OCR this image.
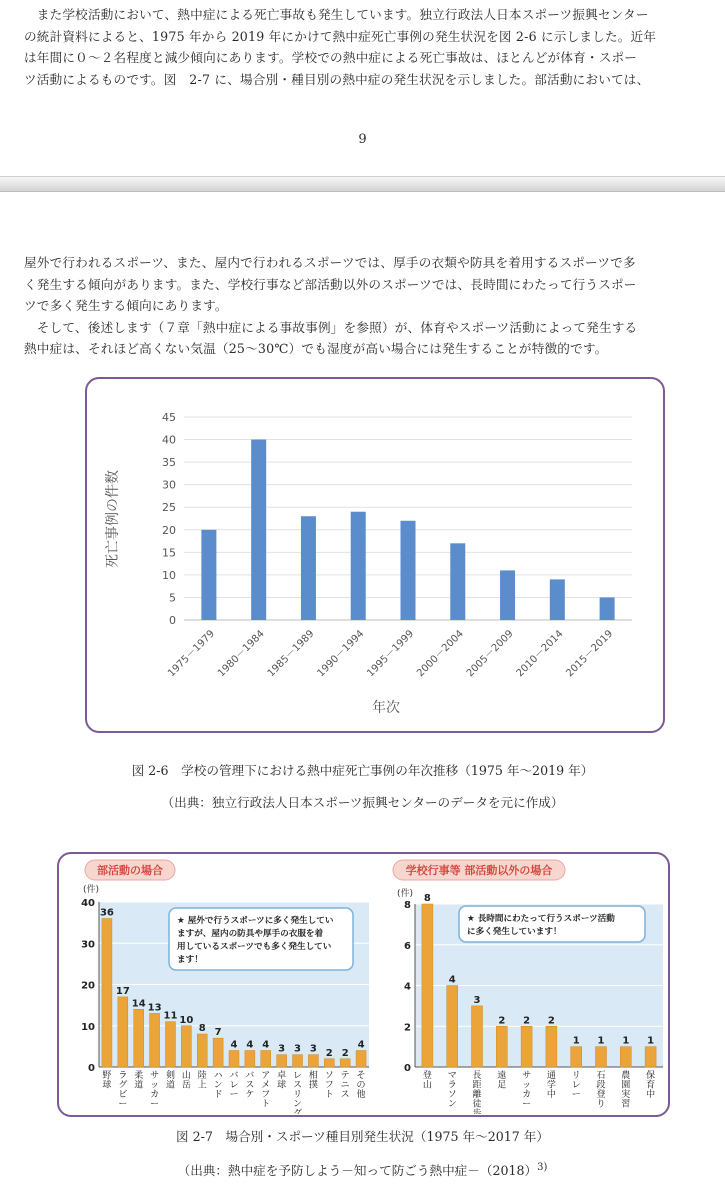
　また学校活動において、熱中症による死亡事故も発生しています。独立行政法人日本スポーツ振興センター

の統計資料によると、1975 年から 2019 年にかけて熱中症死亡事例の発生状況を図 2-6 に示しました。近年

は年間に０～２名程度と減少傾向にあります。学校での熱中症による死亡事故は、ほとんどが体育・スポー

ツ活動によるものです。図　2-7 に、場合別・種目別の熱中症の発生状況を示しました。部活動においては、

9

屋外で行われるスポーツ、また、屋内で行われるスポーツでは、厚手の衣類や防具を着用するスポーツで多

く発生する傾向があります。また、学校行事など部活動以外のスポーツでは、長時間にわたって行うスポー

ツで多く発生する傾向にあります。

　そして、後述します（７章「熱中症による事故事例」を参照）が、体育やスポーツ活動によって発生する

熱中症は、それほど高くない気温（25～30℃）でも湿度が高い場合には発生することが特徴的です。

0
5
10
15
20
25
30
35
40
45
1975－1979
1980－1984
1985－1989
1990－1994
1995－1999
2000－2004
2005－2009
2010－2014
2015－2019
死亡事例の件数
年次
図 2-6　学校の管理下における熱中症死亡事例の年次推移（1975 年～2019 年）
（出典：独立行政法人日本スポーツ振興センターのデータを元に作成）
(件)	(件)
部活動の場合	学校行事等 部活動以外の場合
0
10
20
30
40
36
野
球
17
ラ
グ
ビ
ー
14
柔
道
13
サ
ッ
カ
ー
11
剣
道
10
山
岳
8
陸
上
7
ハ
ン
ド
4
バ
レ
ー
4
バ
ス
ケ
4
ア
メ
フ
ト
3
卓
球
3
レ
ス
リ
ン
グ
3
相
撲
2
ソ
フ
ト
2
テ
ニ
ス
4
そ
の
他
0
2
4
6
8
8
登
山
4
マ
ラ
ソ
ン
3
長
距
離
徒
歩
2
遠
足
2
サ
ッ
カ
ー
2
通
学
中
1
リ
レ
ー
1
石
段
登
り
1
農
園
実
習
1
保
育
中
★ 屋外で行うスポーツに多く発生してい
ますが、屋内の防具や厚手の衣服を着
用しているスポーツでも多く発生してい
ます！
★ 長時間にわたって行うスポーツ活動
に多く発生しています！
図 2-7　場合別・スポーツ種目別発生状況（1975 年～2017 年）
（出典：熱中症を予防しよう－知って防ごう熱中症$-(2018)^{3)}$
